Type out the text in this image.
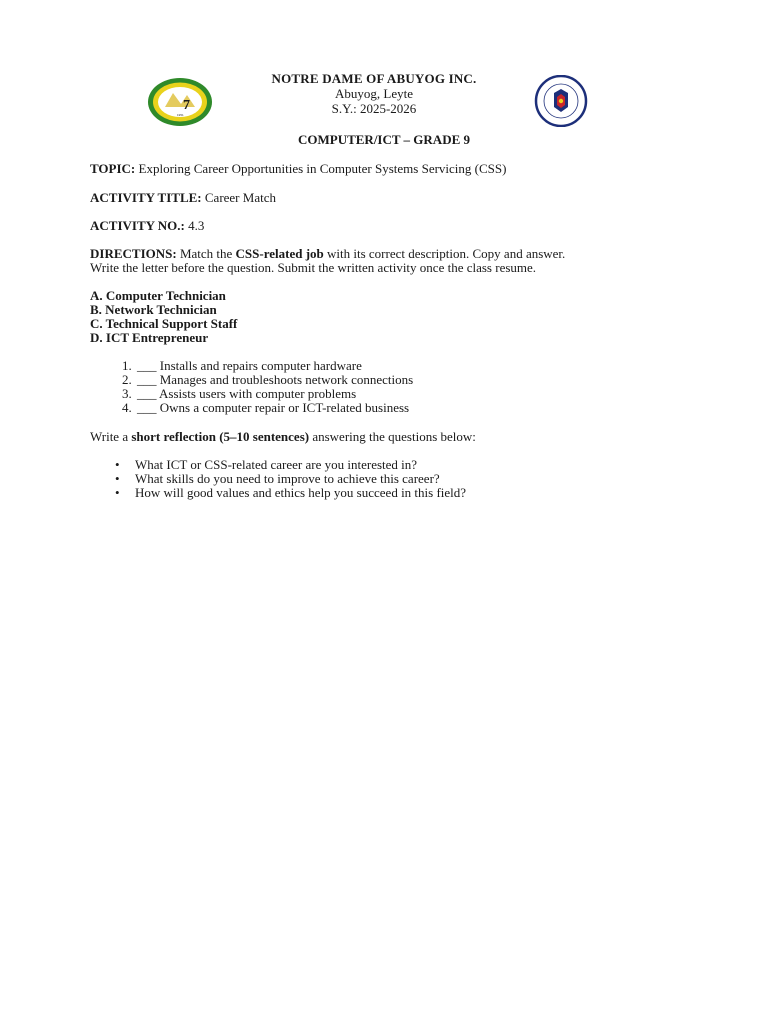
7
1951
NOTRE DAME OF ABUYOG INC.
Abuyog, Leyte
S.Y.: 2025-2026
COMPUTER/ICT – GRADE 9
TOPIC: Exploring Career Opportunities in Computer Systems Servicing (CSS)
ACTIVITY TITLE: Career Match
ACTIVITY NO.: 4.3
DIRECTIONS: Match the CSS-related job with its correct description. Copy and answer.
Write the letter before the question. Submit the written activity once the class resume.
A. Computer Technician
B. Network Technician
C. Technical Support Staff
D. ICT Entrepreneur
1. ___ Installs and repairs computer hardware
2. ___ Manages and troubleshoots network connections
3. ___ Assists users with computer problems
4. ___ Owns a computer repair or ICT-related business
Write a short reflection (5–10 sentences) answering the questions below:
• What ICT or CSS-related career are you interested in?
• What skills do you need to improve to achieve this career?
• How will good values and ethics help you succeed in this field?
